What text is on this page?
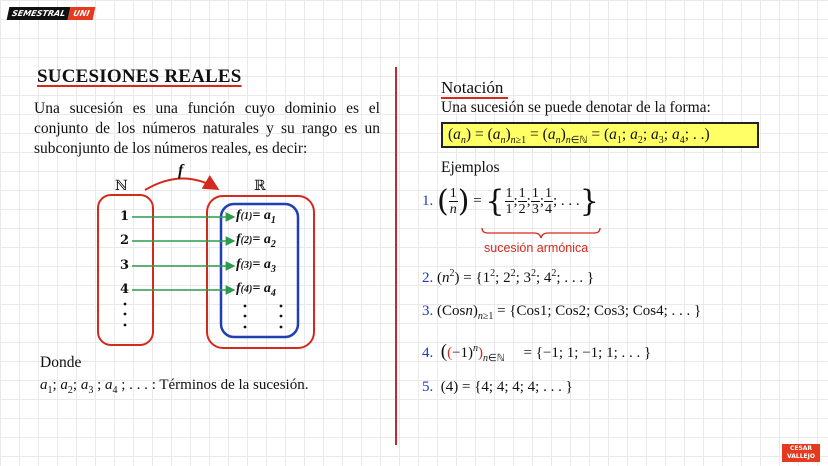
SEMESTRAL UNI
SUCESIONES REALES
Una sucesión es una función cuyo dominio es el conjunto de los números naturales y su rango es un subconjunto de los números reales, es decir:
ℕ	ℝ
f
1
2
3
4
$f(1)= a_1$
$f(2)= a_2$
$f(3)= a_3$
$f(4)= a_4$
Donde
$a_1$; $a_2$; $a_3$ ; $a_4$ ; . . . : Términos de la sucesión.
Notación
Una sucesión se puede denotar de la forma:
$(a_n) = (a_n)_{n\ge 1} = (a_n)_{n\in ℕ} = (a_1$; $a_2$; $a_3$; $a_4$; . .)
Ejemplos
1. ( $\frac{1}{n}$ ) = { $\frac{1}{1}$ ; $\frac{1}{2}$ ; $\frac{1}{3}$ ; $\frac{1}{4}$ ; . . .}
sucesión armónica
2. $(n^2) = \{1^2$; $2^2$; $3^2$; $4^2$; . . . }
3. $(Cosn)_{n\ge 1} = \{Cos1$; Cos2; Cos3; Cos4; . . . }
4. $((-1)^n)_{n\in ℕ}$     = {−1; 1; −1; 1; . . . }
5.  (4) = {4; 4; 4; 4; . . . }
CESAR
VALLEJO
